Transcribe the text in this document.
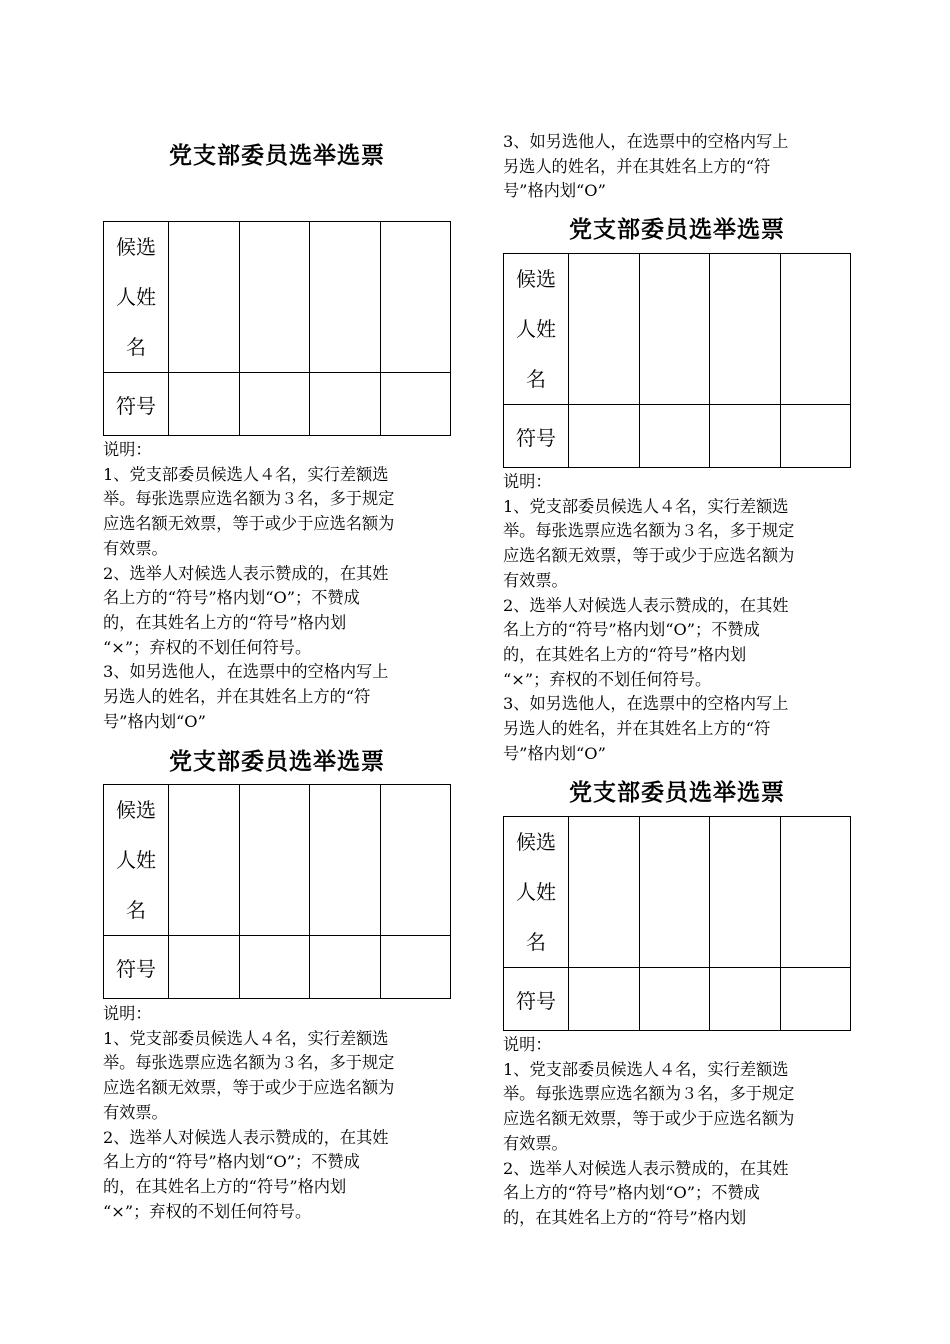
党支部委员选举选票
候选
人姓
名				

符号				

说明：

1、党支部委员候选人４名，实行差额选

举。每张选票应选名额为３名，多于规定

应选名额无效票，等于或少于应选名额为

有效票。

2、选举人对候选人表示赞成的，在其姓

名上方的“符号”格内划“O”；不赞成

的，在其姓名上方的“符号”格内划

“×”；弃权的不划任何符号。

3、如另选他人，在选票中的空格内写上

另选人的姓名，并在其姓名上方的“符

号”格内划“O”

党支部委员选举选票
候选
人姓
名				

符号				

说明：

1、党支部委员候选人４名，实行差额选

举。每张选票应选名额为３名，多于规定

应选名额无效票，等于或少于应选名额为

有效票。

2、选举人对候选人表示赞成的，在其姓

名上方的“符号”格内划“O”；不赞成

的，在其姓名上方的“符号”格内划

“×”；弃权的不划任何符号。

3、如另选他人，在选票中的空格内写上

另选人的姓名，并在其姓名上方的“符

号”格内划“O”

党支部委员选举选票
候选
人姓
名				

符号				

说明：

1、党支部委员候选人４名，实行差额选

举。每张选票应选名额为３名，多于规定

应选名额无效票，等于或少于应选名额为

有效票。

2、选举人对候选人表示赞成的，在其姓

名上方的“符号”格内划“O”；不赞成

的，在其姓名上方的“符号”格内划

“×”；弃权的不划任何符号。

3、如另选他人，在选票中的空格内写上

另选人的姓名，并在其姓名上方的“符

号”格内划“O”

党支部委员选举选票
候选
人姓
名				

符号				

说明：

1、党支部委员候选人４名，实行差额选

举。每张选票应选名额为３名，多于规定

应选名额无效票，等于或少于应选名额为

有效票。

2、选举人对候选人表示赞成的，在其姓

名上方的“符号”格内划“O”；不赞成

的，在其姓名上方的“符号”格内划
